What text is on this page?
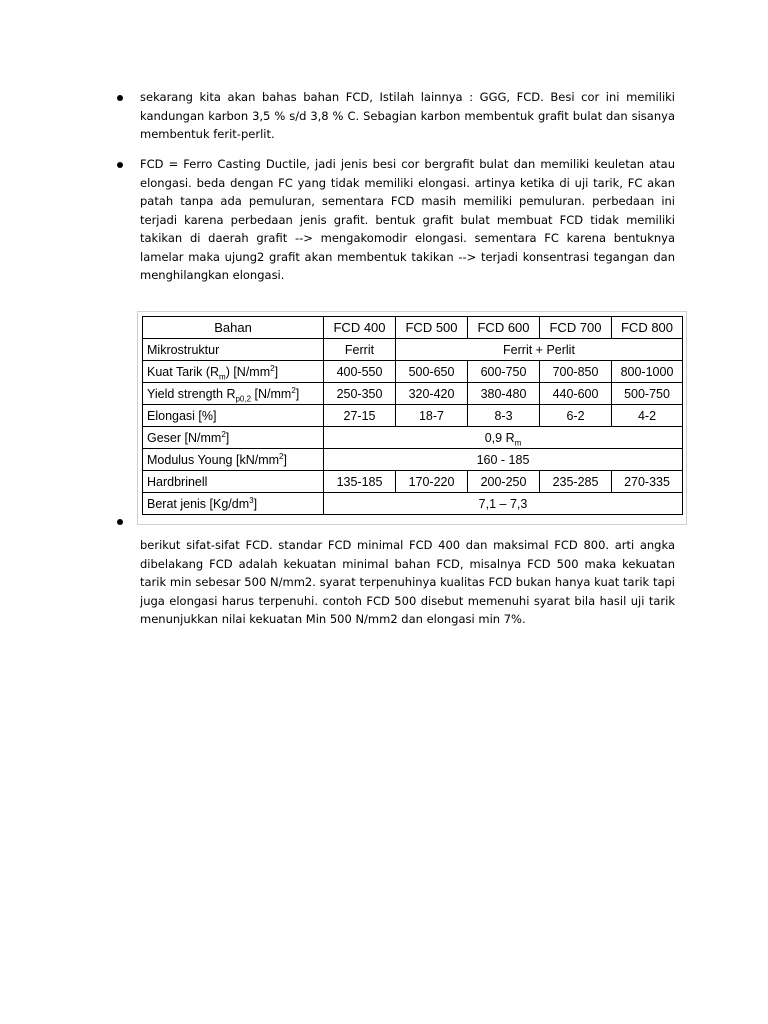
sekarang kita akan bahas bahan FCD, Istilah lainnya : GGG, FCD. Besi cor ini memiliki kandungan karbon 3,5 % s/d 3,8 % C. Sebagian karbon membentuk grafit bulat dan sisanya membentuk ferit-perlit.

FCD = Ferro Casting Ductile, jadi jenis besi cor bergrafit bulat dan memiliki keuletan atau elongasi. beda dengan FC yang tidak memiliki elongasi. artinya ketika di uji tarik, FC akan patah tanpa ada pemuluran, sementara FCD masih memiliki pemuluran. perbedaan ini terjadi karena perbedaan jenis grafit. bentuk grafit bulat membuat FCD tidak memiliki takikan di daerah grafit --> mengakomodir elongasi. sementara FC karena bentuknya lamelar maka ujung2 grafit akan membentuk takikan --> terjadi konsentrasi tegangan dan menghilangkan elongasi.

Bahan	FCD 400	FCD 500	FCD 600	FCD 700	FCD 800
Mikrostruktur	Ferrit	Ferrit + Perlit			
Kuat Tarik $(R_m)$ $[N/mm^2]$	400-550	500-650	600-750	700-850	800-1000
Yield strength $R_{p0,2}$ $[N/mm^2]$	250-350	320-420	380-480	440-600	500-750
Elongasi [%]	27-15	18-7	8-3	6-2	4-2
Geser $[N/mm^2]$	0,9 $R_m$
Modulus Young $[kN/mm^2]$	160 - 185				
Hardbrinell	135-185	170-220	200-250	235-285	270-335
Berat jenis $[Kg/dm^3]$	7,1 – 7,3				

berikut sifat-sifat FCD. standar FCD minimal FCD 400 dan maksimal FCD 800. arti angka dibelakang FCD adalah kekuatan minimal bahan FCD, misalnya FCD 500 maka kekuatan tarik min sebesar 500 N/mm2. syarat terpenuhinya kualitas FCD bukan hanya kuat tarik tapi juga elongasi harus terpenuhi. contoh FCD 500 disebut memenuhi syarat bila hasil uji tarik menunjukkan nilai kekuatan Min 500 N/mm2 dan elongasi min 7%.
